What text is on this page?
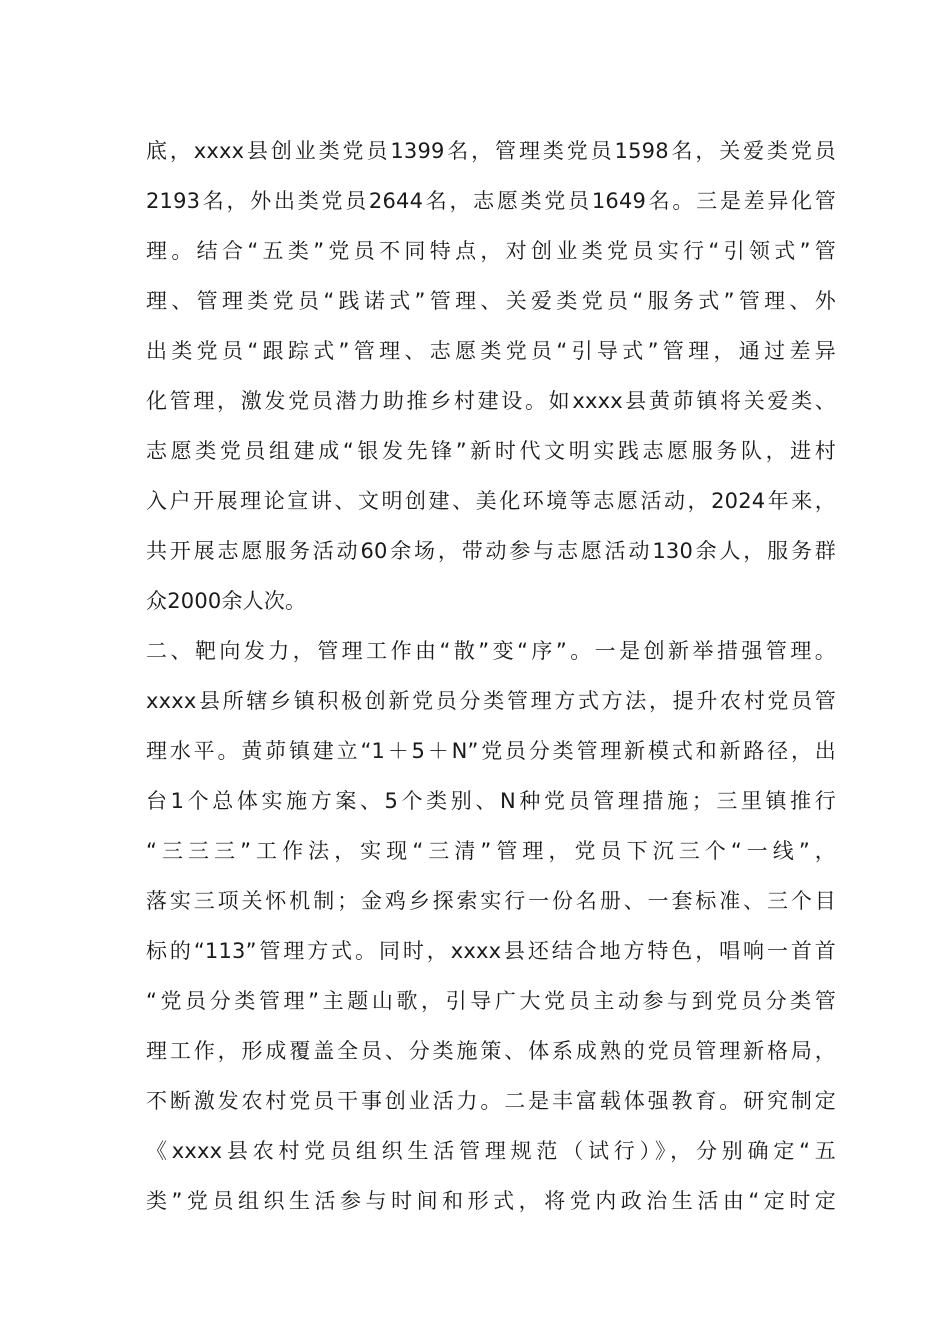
底，xxxx县创业类党员1399名，管理类党员1598名，关爱类党员
2193名，外出类党员2644名，志愿类党员1649名。三是差异化管
理。结合“五类”党员不同特点，对创业类党员实行“引领式”管
理、管理类党员“践诺式”管理、关爱类党员“服务式”管理、外
出类党员“跟踪式”管理、志愿类党员“引导式”管理，通过差异
化管理，激发党员潜力助推乡村建设。如xxxx县黄茆镇将关爱类、
志愿类党员组建成“银发先锋”新时代文明实践志愿服务队，进村
入户开展理论宣讲、文明创建、美化环境等志愿活动，2024年来，
共开展志愿服务活动60余场，带动参与志愿活动130余人，服务群
众2000余人次。
二、靶向发力，管理工作由“散”变“序”。一是创新举措强管理。
xxxx县所辖乡镇积极创新党员分类管理方式方法，提升农村党员管
理水平。黄茆镇建立“1＋5＋N”党员分类管理新模式和新路径，出
台1个总体实施方案、5个类别、N种党员管理措施；三里镇推行
“三三三”工作法，实现“三清”管理，党员下沉三个“一线”，
落实三项关怀机制；金鸡乡探索实行一份名册、一套标准、三个目
标的“113”管理方式。同时，xxxx县还结合地方特色，唱响一首首
“党员分类管理”主题山歌，引导广大党员主动参与到党员分类管
理工作，形成覆盖全员、分类施策、体系成熟的党员管理新格局，
不断激发农村党员干事创业活力。二是丰富载体强教育。研究制定
《xxxx县农村党员组织生活管理规范（试行）》，分别确定“五
类”党员组织生活参与时间和形式，将党内政治生活由“定时定
